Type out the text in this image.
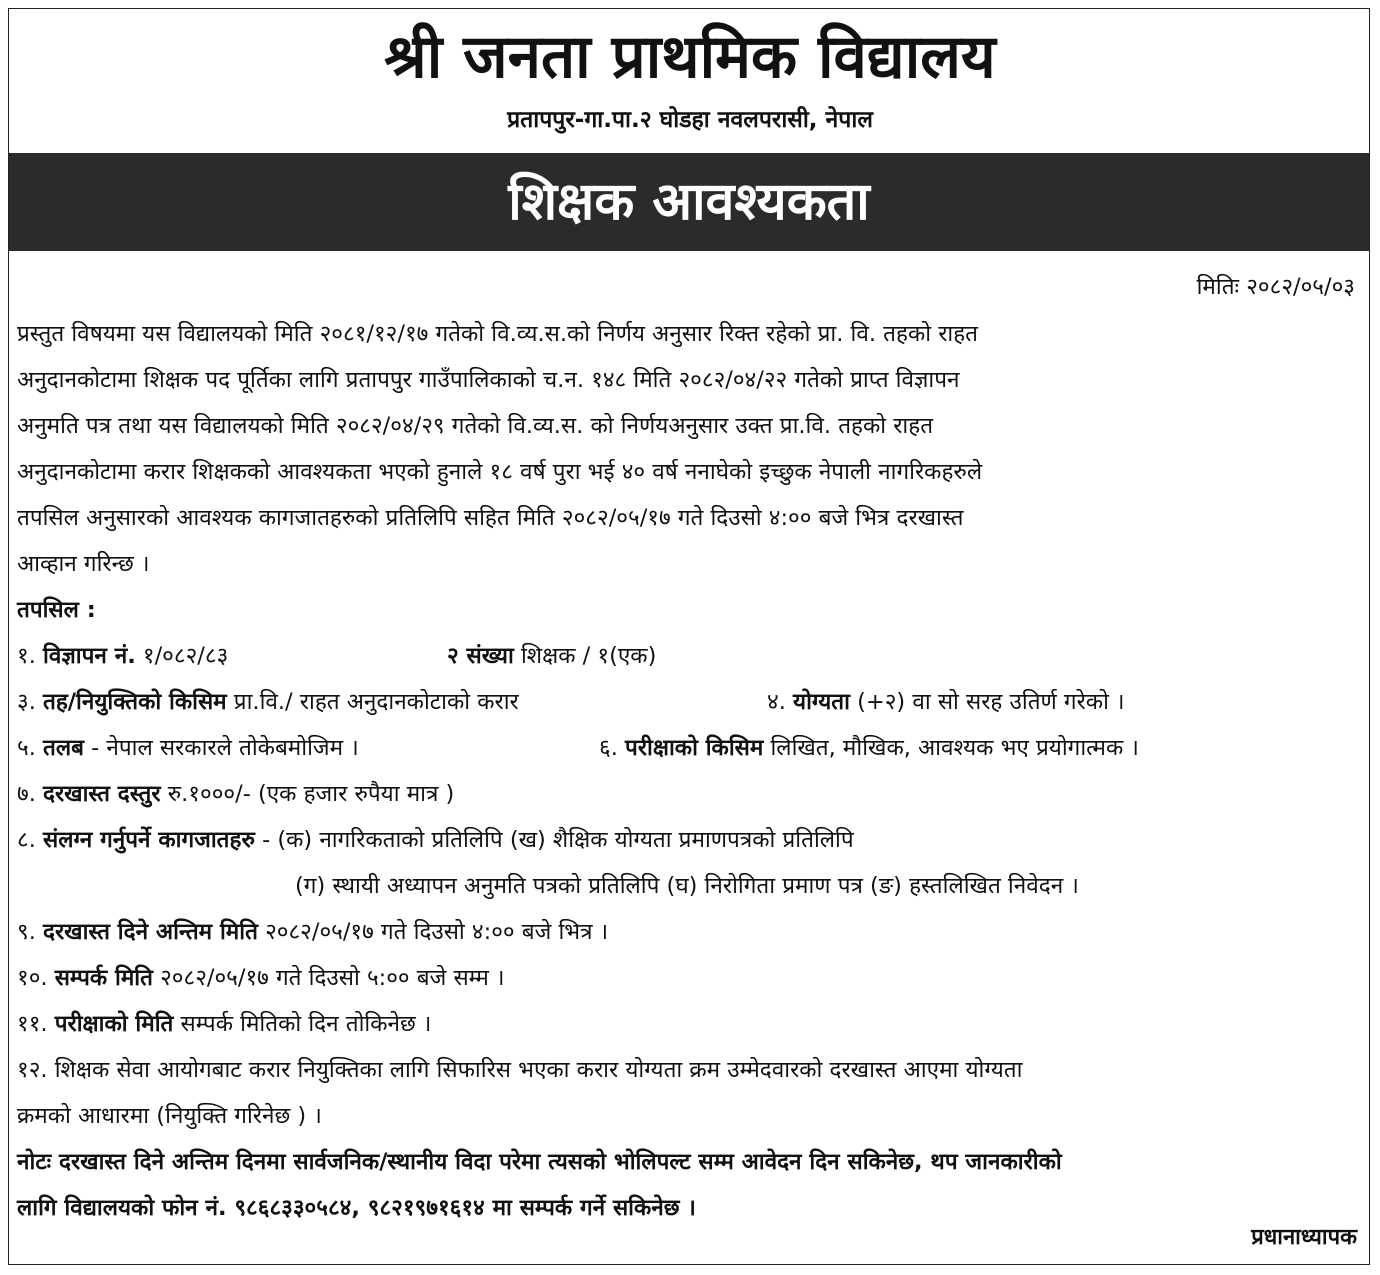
श्री जनता प्राथमिक विद्यालय
प्रतापपुर-गा.पा.२ घोडहा नवलपरासी, नेपाल
शिक्षक आवश्यकता
मितिः २०८२/०५/०३
प्रस्तुत विषयमा यस विद्यालयको मिति २०८१/१२/१७ गतेको वि.व्य.स.को निर्णय अनुसार रिक्त रहेको प्रा. वि. तहको राहत
अनुदानकोटामा शिक्षक पद पूर्तिका लागि प्रतापपुर गाउँपालिकाको च.न. १४८ मिति २०८२/०४/२२ गतेको प्राप्त विज्ञापन
अनुमति पत्र तथा यस विद्यालयको मिति २०८२/०४/२९ गतेको वि.व्य.स. को निर्णयअनुसार उक्त प्रा.वि. तहको राहत
अनुदानकोटामा करार शिक्षकको आवश्यकता भएको हुनाले १८ वर्ष पुरा भई ४० वर्ष ननाघेको इच्छुक नेपाली नागरिकहरुले
तपसिल अनुसारको आवश्यक कागजातहरुको प्रतिलिपि सहित मिति २०८२/०५/१७ गते दिउसो ४:०० बजे भित्र दरखास्त
आव्हान गरिन्छ ।
तपसिल :
१. विज्ञापन नं. १/०८२/८३	२ संख्या शिक्षक / १(एक)
३. तह/नियुक्तिको किसिम प्रा.वि./ राहत अनुदानकोटाको करार	४. योग्यता (+२) वा सो सरह उतिर्ण गरेको ।
५. तलब - नेपाल सरकारले तोकेबमोजिम ।	६. परीक्षाको किसिम लिखित, मौखिक, आवश्यक भए प्रयोगात्मक ।
७. दरखास्त दस्तुर रु.१०००/- (एक हजार रुपैया मात्र )
८. संलग्न गर्नुपर्ने कागजातहरु - (क) नागरिकताको प्रतिलिपि (ख) शैक्षिक योग्यता प्रमाणपत्रको प्रतिलिपि
(ग) स्थायी अध्यापन अनुमति पत्रको प्रतिलिपि (घ) निरोगिता प्रमाण पत्र (ङ) हस्तलिखित निवेदन ।
९. दरखास्त दिने अन्तिम मिति २०८२/०५/१७ गते दिउसो ४:०० बजे भित्र ।
१०. सम्पर्क मिति २०८२/०५/१७ गते दिउसो ५:०० बजे सम्म ।
११. परीक्षाको मिति सम्पर्क मितिको दिन तोकिनेछ ।
१२. शिक्षक सेवा आयोगबाट करार नियुक्तिका लागि सिफारिस भएका करार योग्यता क्रम उम्मेदवारको दरखास्त आएमा योग्यता
क्रमको आधारमा (नियुक्ति गरिनेछ ) ।
नोटः दरखास्त दिने अन्तिम दिनमा सार्वजनिक/स्थानीय विदा परेमा त्यसको भोलिपल्ट सम्म आवेदन दिन सकिनेछ, थप जानकारीको
लागि विद्यालयको फोन नं. ९८६८३३०५८४, ९८२१९७१६१४ मा सम्पर्क गर्ने सकिनेछ ।
प्रधानाध्यापक
